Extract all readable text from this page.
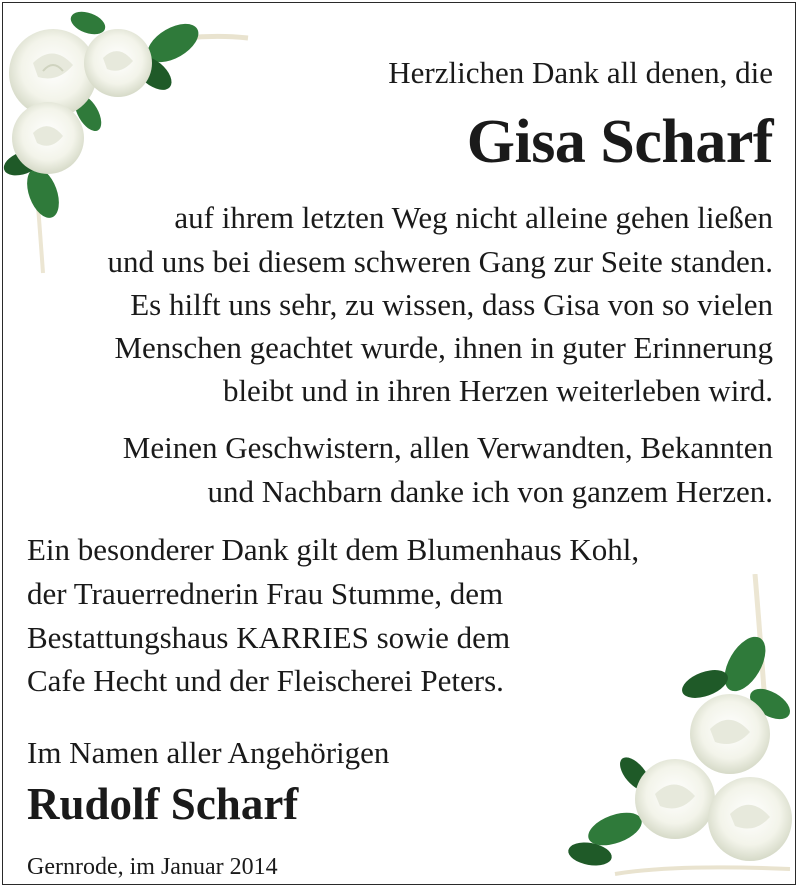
Herzlichen Dank all denen, die
Gisa Scharf
auf ihrem letzten Weg nicht alleine gehen ließen
und uns bei diesem schweren Gang zur Seite standen.
Es hilft uns sehr, zu wissen, dass Gisa von so vielen
Menschen geachtet wurde, ihnen in guter Erinnerung
bleibt und in ihren Herzen weiterleben wird.
Meinen Geschwistern, allen Verwandten, Bekannten
und Nachbarn danke ich von ganzem Herzen.
Ein besonderer Dank gilt dem Blumenhaus Kohl,
der Trauerrednerin Frau Stumme, dem
Bestattungshaus KARRIES sowie dem
Cafe Hecht und der Fleischerei Peters.
Im Namen aller Angehörigen
Rudolf Scharf
Gernrode, im Januar 2014
